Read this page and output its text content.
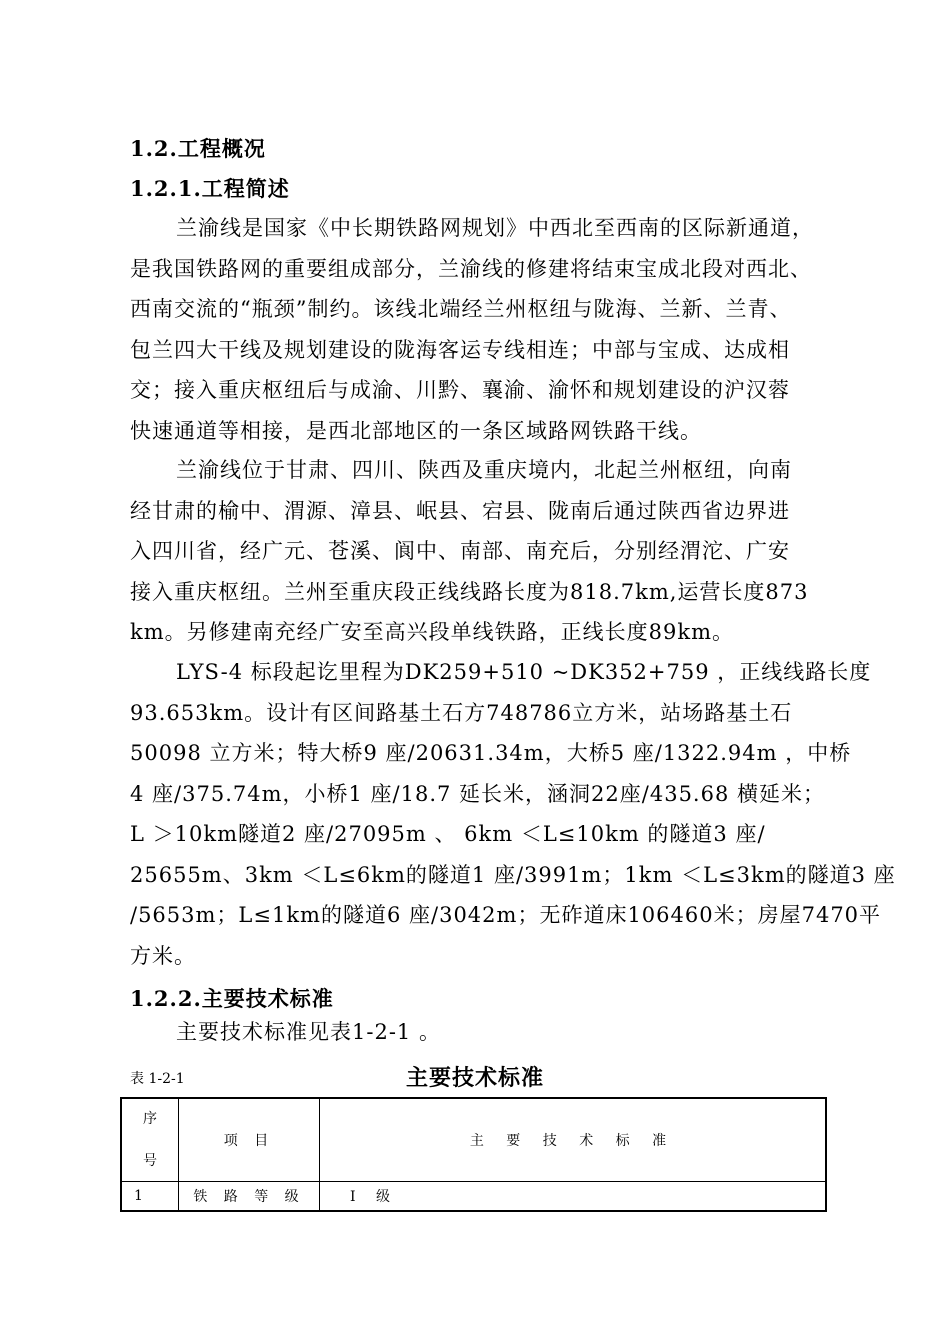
1.2.工程概况
1.2.1.工程简述
兰渝线是国家《中长期铁路网规划》中西北至西南的区际新通道，
是我国铁路网的重要组成部分，兰渝线的修建将结束宝成北段对西北、
西南交流的“瓶颈”制约。该线北端经兰州枢纽与陇海、兰新、兰青、
包兰四大干线及规划建设的陇海客运专线相连；中部与宝成、达成相
交；接入重庆枢纽后与成渝、川黔、襄渝、渝怀和规划建设的沪汉蓉
快速通道等相接，是西北部地区的一条区域路网铁路干线。
兰渝线位于甘肃、四川、陕西及重庆境内，北起兰州枢纽，向南
经甘肃的榆中、渭源、漳县、岷县、宕县、陇南后通过陕西省边界进
入四川省，经广元、苍溪、阆中、南部、南充后，分别经渭沱、广安
接入重庆枢纽。兰州至重庆段正线线路长度为818.7km,运营长度873
km。另修建南充经广安至高兴段单线铁路，正线长度89km。
LYS-4 标段起讫里程为DK259+510 ~DK352+759 ，正线线路长度
93.653km。设计有区间路基土石方748786立方米，站场路基土石
50098 立方米；特大桥9 座/20631.34m，大桥5 座/1322.94m ，中桥
4 座/375.74m，小桥1 座/18.7 延长米，涵洞22座/435.68 横延米；
L ＞10km隧道2 座/27095m 、 6km ＜L≤10km 的隧道3 座/
25655m、3km ＜L≤6km的隧道1 座/3991m；1km ＜L≤3km的隧道3 座
/5653m；L≤1km的隧道6 座/3042m；无砟道床106460米；房屋7470平
方米。
1.2.2.主要技术标准
主要技术标准见表1-2-1 。
表 1-2-1	主要技术标准
序
号	项 目	主 要 技 术 标 准
1	铁 路 等 级	Ⅰ 级
